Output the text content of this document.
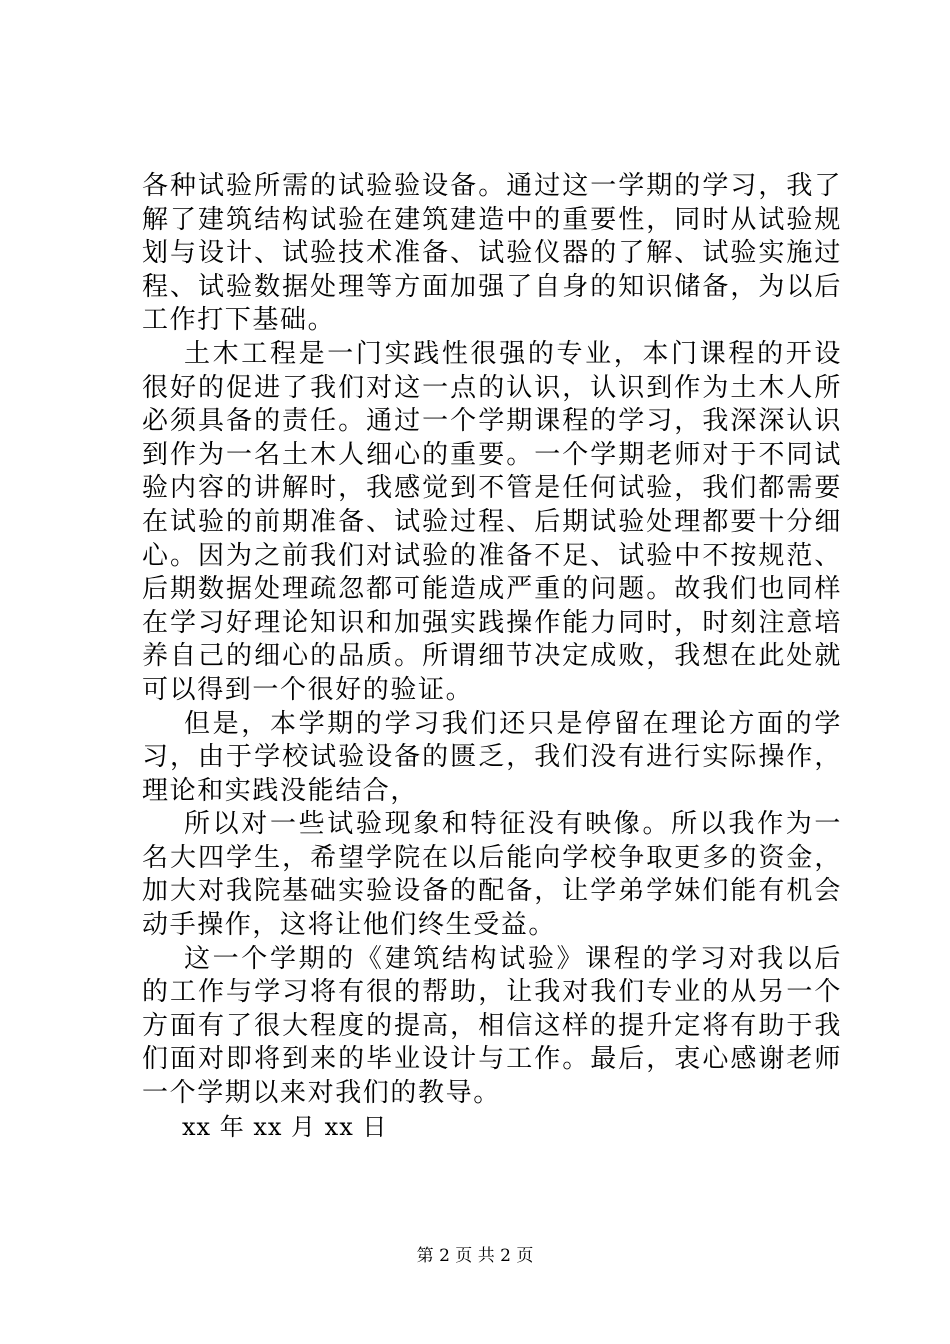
各种试验所需的试验验设备。通过这一学期的学习，我了解了建筑结构试验在建筑建造中的重要性，同时从试验规划与设计、试验技术准备、试验仪器的了解、试验实施过程、试验数据处理等方面加强了自身的知识储备，为以后工作打下基础。

土木工程是一门实践性很强的专业，本门课程的开设很好的促进了我们对这一点的认识，认识到作为土木人所必须具备的责任。通过一个学期课程的学习，我深深认识到作为一名土木人细心的重要。一个学期老师对于不同试验内容的讲解时，我感觉到不管是任何试验，我们都需要在试验的前期准备、试验过程、后期试验处理都要十分细心。因为之前我们对试验的准备不足、试验中不按规范、后期数据处理疏忽都可能造成严重的问题。故我们也同样在学习好理论知识和加强实践操作能力同时，时刻注意培养自己的细心的品质。所谓细节决定成败，我想在此处就可以得到一个很好的验证。

但是，本学期的学习我们还只是停留在理论方面的学习，由于学校试验设备的匮乏，我们没有进行实际操作，理论和实践没能结合，

所以对一些试验现象和特征没有映像。所以我作为一名大四学生，希望学院在以后能向学校争取更多的资金，加大对我院基础实验设备的配备，让学弟学妹们能有机会动手操作，这将让他们终生受益。

这一个学期的《建筑结构试验》课程的学习对我以后的工作与学习将有很的帮助，让我对我们专业的从另一个方面有了很大程度的提高，相信这样的提升定将有助于我们面对即将到来的毕业设计与工作。最后，衷心感谢老师一个学期以来对我们的教导。

xx 年 xx 月 xx 日

第 2 页 共 2 页
